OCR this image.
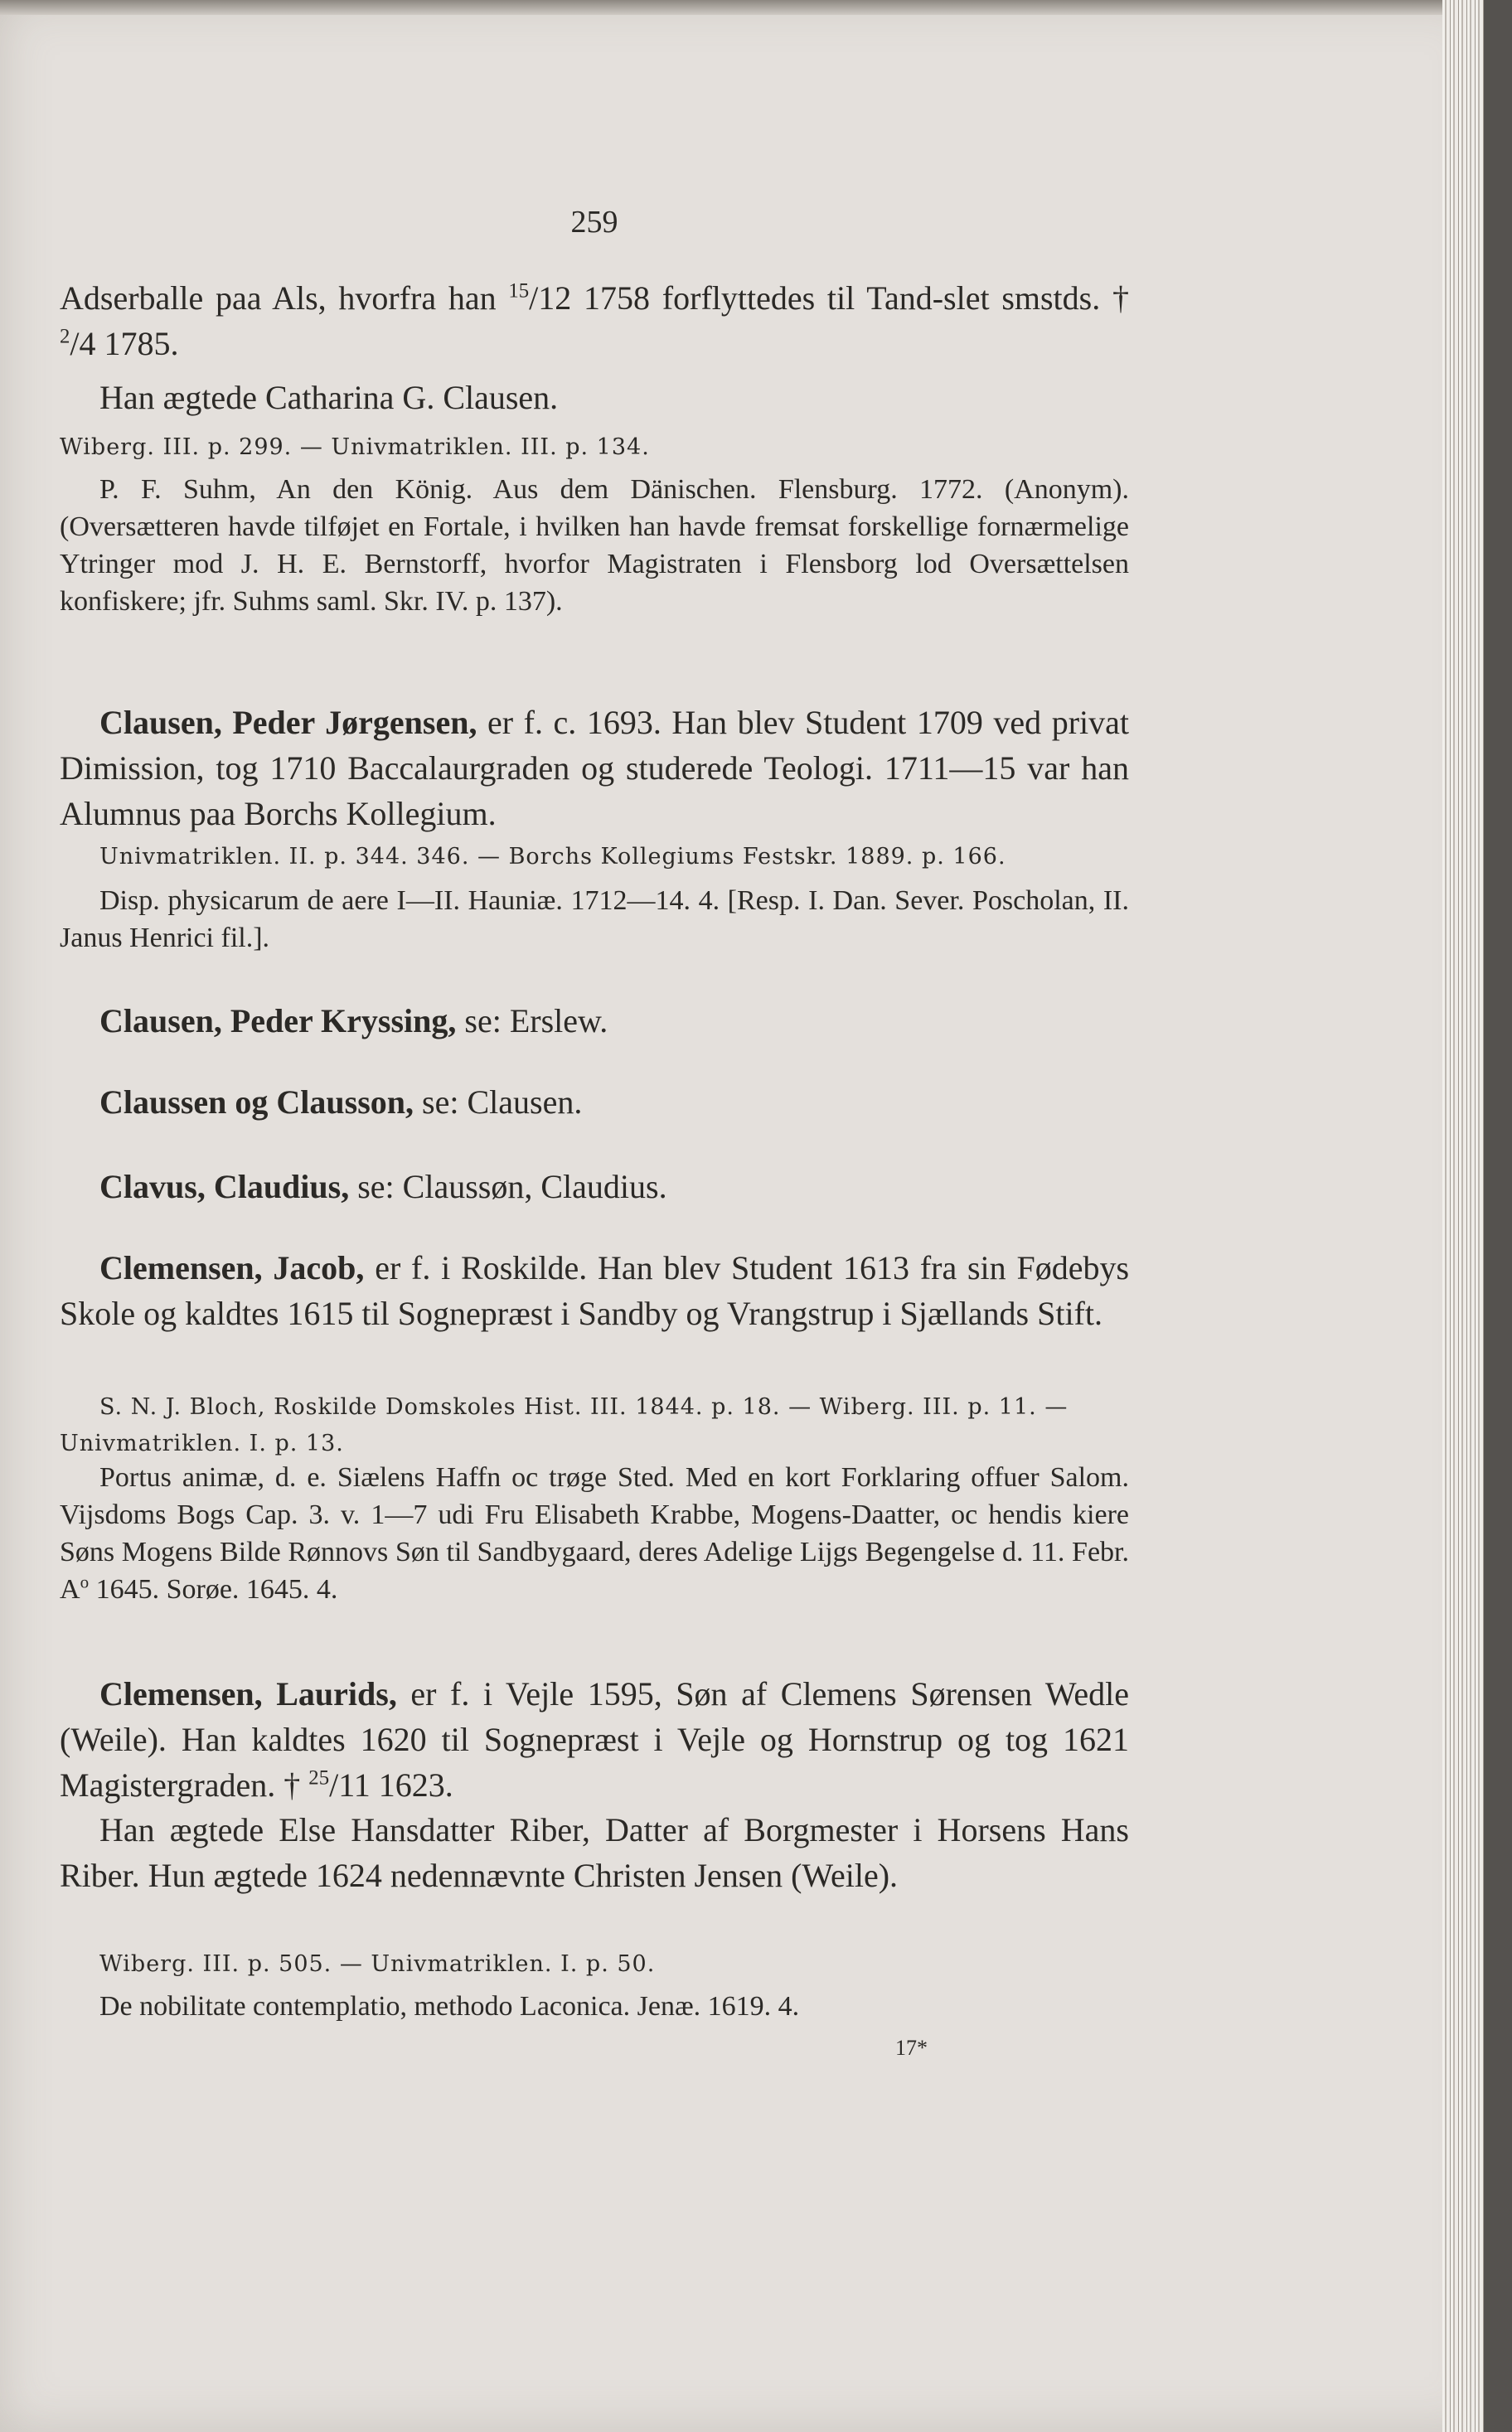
259

Adserballe paa Als, hvorfra han $^{15}$/12 1758 forflyttedes til Tand-slet smstds. † $^2$/4 1785.

Han ægtede Catharina G. Clausen.

Wiberg. III. p. 299. — Univmatriklen. III. p. 134.

P. F. Suhm, An den König. Aus dem Dänischen. Flensburg. 1772. (Anonym). (Oversætteren havde tilføjet en Fortale, i hvilken han havde fremsat forskellige fornærmelige Ytringer mod J. H. E. Bernstorff, hvorfor Magistraten i Flensborg lod Oversættelsen konfiskere; jfr. Suhms saml. Skr. IV. p. 137).

Clausen, Peder Jørgensen, er f. c. 1693. Han blev Student 1709 ved privat Dimission, tog 1710 Baccalaurgraden og studerede Teologi. 1711—15 var han Alumnus paa Borchs Kollegium.

Univmatriklen. II. p. 344. 346. — Borchs Kollegiums Festskr. 1889. p. 166.

Disp. physicarum de aere I—II. Hauniæ. 1712—14. 4. [Resp. I. Dan. Sever. Poscholan, II. Janus Henrici fil.].

Clausen, Peder Kryssing, se: Erslew.

Claussen og Clausson, se: Clausen.

Clavus, Claudius, se: Claussøn, Claudius.

Clemensen, Jacob, er f. i Roskilde. Han blev Student 1613 fra sin Fødebys Skole og kaldtes 1615 til Sognepræst i Sandby og Vrangstrup i Sjællands Stift.

S. N. J. Bloch, Roskilde Domskoles Hist. III. 1844. p. 18. — Wiberg. III. p. 11. — Univmatriklen. I. p. 13.

Portus animæ, d. e. Siælens Haffn oc trøge Sted. Med en kort Forklaring offuer Salom. Vijsdoms Bogs Cap. 3. v. 1—7 udi Fru Elisabeth Krabbe, Mogens-Daatter, oc hendis kiere Søns Mogens Bilde Rønnovs Søn til Sandbygaard, deres Adelige Lijgs Begengelse d. 11. Febr. $A^o$ 1645. Sorøe. 1645. 4.

Clemensen, Laurids, er f. i Vejle 1595, Søn af Clemens Sørensen Wedle (Weile). Han kaldtes 1620 til Sognepræst i Vejle og Hornstrup og tog 1621 Magistergraden. † $^{25}$/11 1623.

Han ægtede Else Hansdatter Riber, Datter af Borgmester i Horsens Hans Riber. Hun ægtede 1624 nedennævnte Christen Jensen (Weile).

Wiberg. III. p. 505. — Univmatriklen. I. p. 50.

De nobilitate contemplatio, methodo Laconica. Jenæ. 1619. 4.

17*
